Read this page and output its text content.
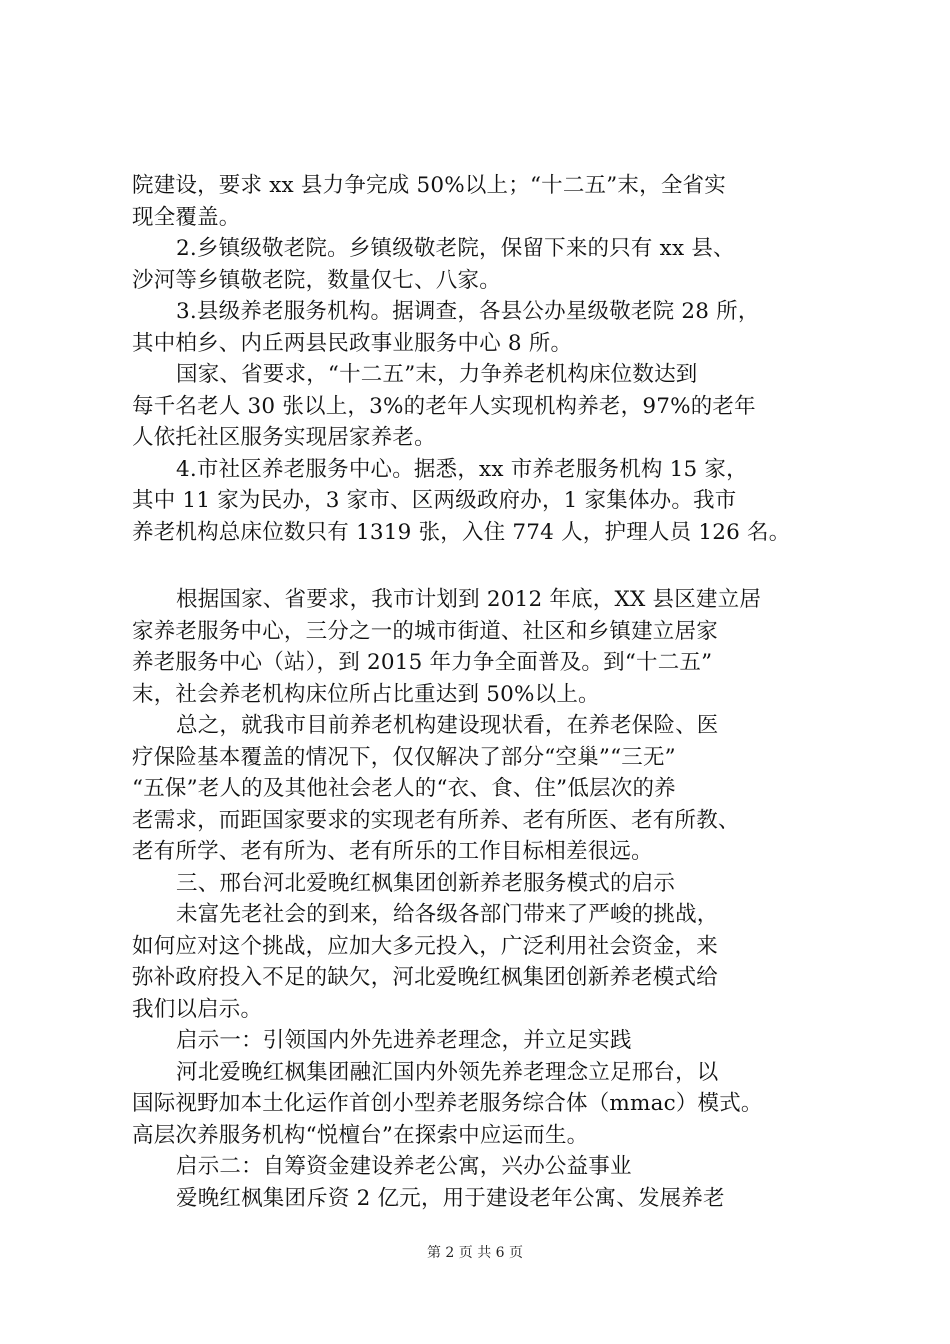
院建设，要求 xx 县力争完成 50%以上；“十二五”末，全省实
现全覆盖。
2.乡镇级敬老院。乡镇级敬老院，保留下来的只有 xx 县、
沙河等乡镇敬老院，数量仅七、八家。
3.县级养老服务机构。据调查，各县公办星级敬老院 28 所，
其中柏乡、内丘两县民政事业服务中心 8 所。
国家、省要求，“十二五”末，力争养老机构床位数达到
每千名老人 30 张以上，3%的老年人实现机构养老，97%的老年
人依托社区服务实现居家养老。
4.市社区养老服务中心。据悉，xx 市养老服务机构 15 家，
其中 11 家为民办，3 家市、区两级政府办，1 家集体办。我市
养老机构总床位数只有 1319 张，入住 774 人，护理人员 126 名。
根据国家、省要求，我市计划到 2012 年底，XX 县区建立居
家养老服务中心，三分之一的城市街道、社区和乡镇建立居家
养老服务中心（站），到 2015 年力争全面普及。到“十二五”
末，社会养老机构床位所占比重达到 50%以上。
总之，就我市目前养老机构建设现状看，在养老保险、医
疗保险基本覆盖的情况下，仅仅解决了部分“空巢”“三无”
“五保”老人的及其他社会老人的“衣、食、住”低层次的养
老需求，而距国家要求的实现老有所养、老有所医、老有所教、
老有所学、老有所为、老有所乐的工作目标相差很远。
三、邢台河北爱晚红枫集团创新养老服务模式的启示
未富先老社会的到来，给各级各部门带来了严峻的挑战，
如何应对这个挑战，应加大多元投入，广泛利用社会资金，来
弥补政府投入不足的缺欠，河北爱晚红枫集团创新养老模式给
我们以启示。
启示一：引领国内外先进养老理念，并立足实践
河北爱晚红枫集团融汇国内外领先养老理念立足邢台，以
国际视野加本土化运作首创小型养老服务综合体（mmac）模式。
高层次养服务机构“悦檀台”在探索中应运而生。
启示二：自筹资金建设养老公寓，兴办公益事业
爱晚红枫集团斥资 2 亿元，用于建设老年公寓、发展养老
第 2 页 共 6 页
